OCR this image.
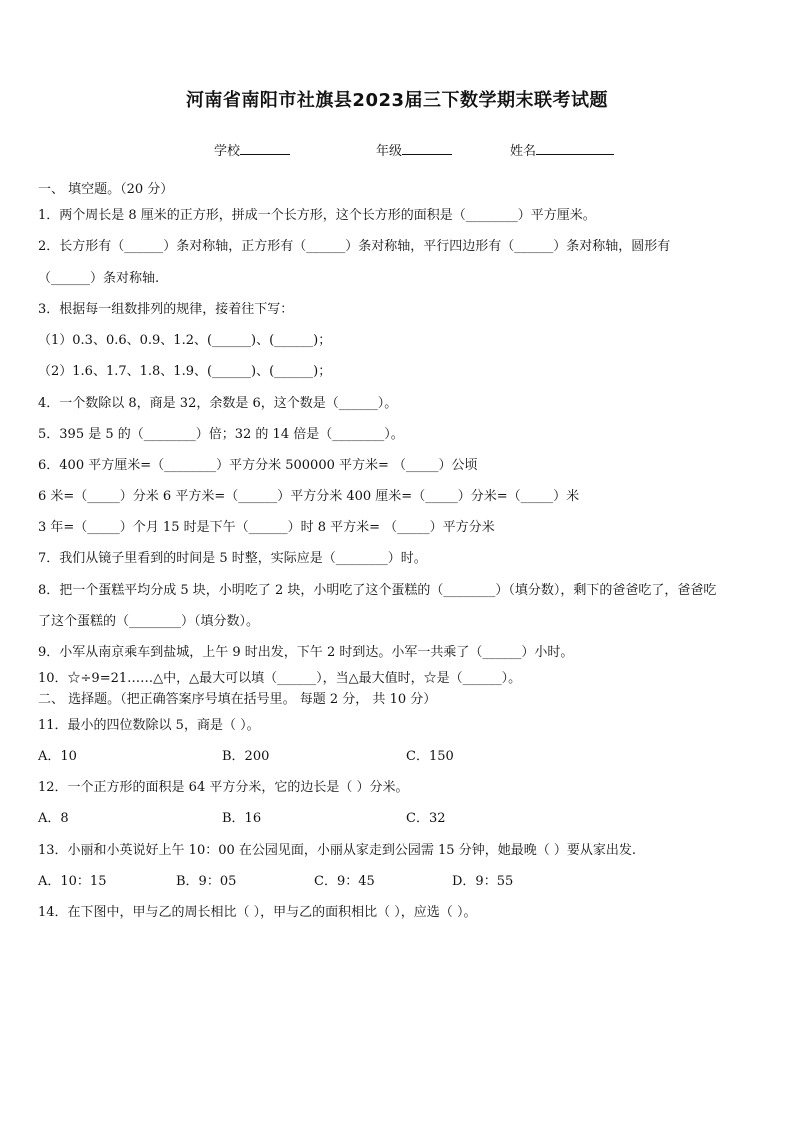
河南省南阳市社旗县2023届三下数学期末联考试题
学校	年级	姓名
一、 填空题。（20 分）
1．两个周长是 8 厘米的正方形，拼成一个长方形，这个长方形的面积是（________）平方厘米。
2．长方形有（______）条对称轴，正方形有（______）条对称轴，平行四边形有（______）条对称轴，圆形有
（______）条对称轴.
3．根据每一组数排列的规律，接着往下写：
（1）0.3、0.6、0.9、1.2、(______)、(______)；
（2）1.6、1.7、1.8、1.9、(______)、(______)；
4．一个数除以 8，商是 32，余数是 6，这个数是（______）。
5．395 是 5 的（________）倍；32 的 14 倍是（________）。
6．400 平方厘米=（________）平方分米 500000 平方米= （_____）公顷
6 米=（_____）分米 6 平方米=（______）平方分米 400 厘米=（_____）分米=（_____）米
3 年=（_____）个月 15 时是下午（______）时 8 平方米= （_____）平方分米
7．我们从镜子里看到的时间是 5 时整，实际应是（________）时。
8．把一个蛋糕平均分成 5 块，小明吃了 2 块，小明吃了这个蛋糕的（________）（填分数），剩下的爸爸吃了，爸爸吃
了这个蛋糕的（________）（填分数）。
9．小军从南京乘车到盐城，上午 9 时出发，下午 2 时到达。小军一共乘了（______）小时。
10．☆÷9=21……△中，△最大可以填（______），当△最大值时，☆是（______）。
二、 选择题。（把正确答案序号填在括号里。 每题 2 分， 共 10 分）
11．最小的四位数除以 5，商是（ ）。
A．10	B．200	C．150
12．一个正方形的面积是 64 平方分米，它的边长是（ ）分米。
A．8	B．16	C．32
13．小丽和小英说好上午 10：00 在公园见面，小丽从家走到公园需 15 分钟，她最晚（ ）要从家出发.
A．10：15	B．9：05	C．9：45	D．9：55
14．在下图中，甲与乙的周长相比（ ），甲与乙的面积相比（ ），应选（ ）。
